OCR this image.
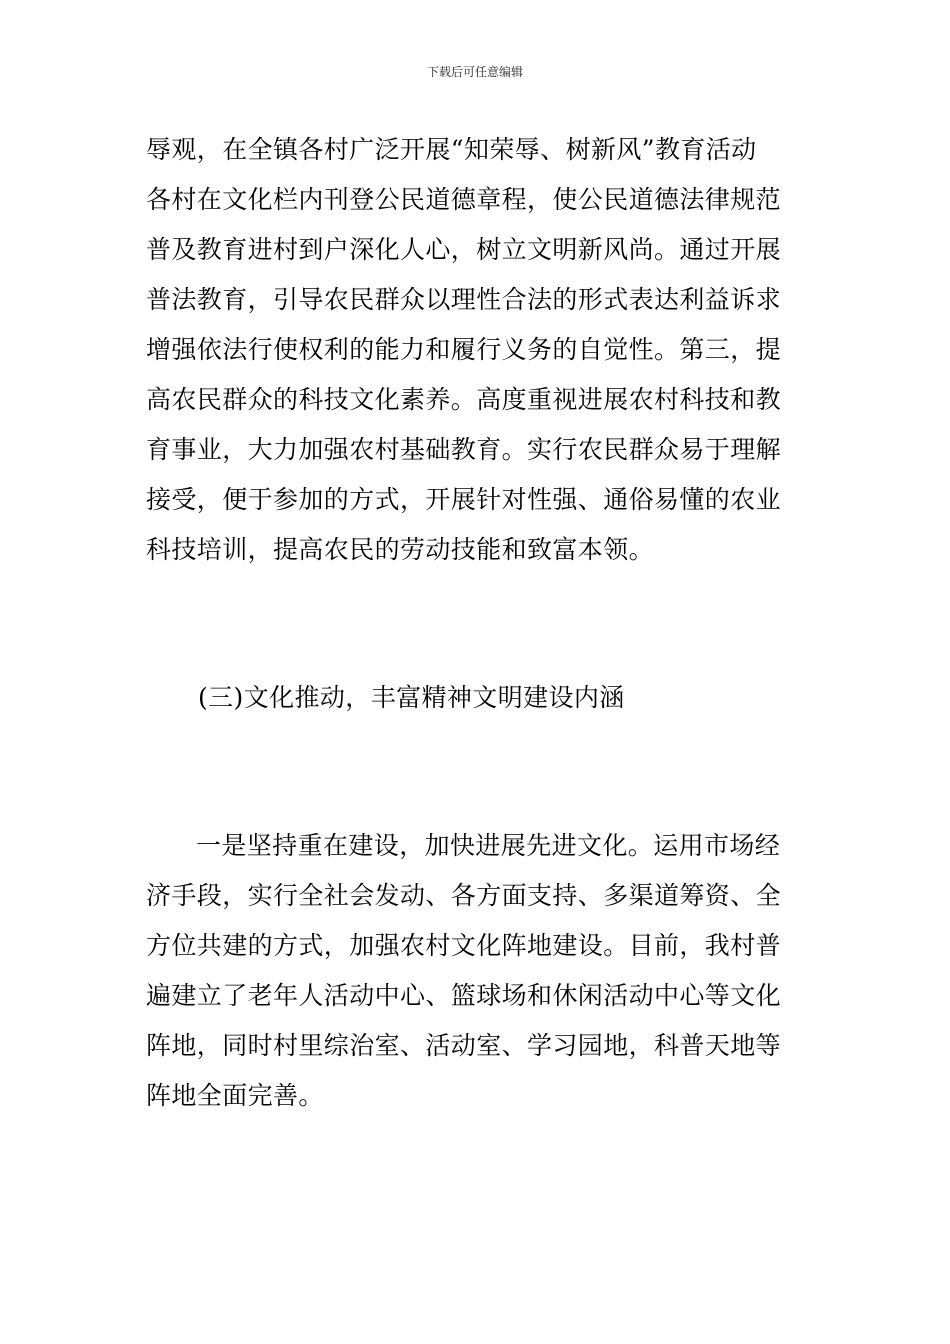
下载后可任意编辑
辱观，在全镇各村广泛开展“知荣辱、树新风”教育活动
各村在文化栏内刊登公民道德章程，使公民道德法律规范
普及教育进村到户深化人心，树立文明新风尚。通过开展
普法教育，引导农民群众以理性合法的形式表达利益诉求
增强依法行使权利的能力和履行义务的自觉性。第三，提
高农民群众的科技文化素养。高度重视进展农村科技和教
育事业，大力加强农村基础教育。实行农民群众易于理解
接受，便于参加的方式，开展针对性强、通俗易懂的农业
科技培训，提高农民的劳动技能和致富本领。
(三)文化推动，丰富精神文明建设内涵
一是坚持重在建设，加快进展先进文化。运用市场经
济手段，实行全社会发动、各方面支持、多渠道筹资、全
方位共建的方式，加强农村文化阵地建设。目前，我村普
遍建立了老年人活动中心、篮球场和休闲活动中心等文化
阵地，同时村里综治室、活动室、学习园地，科普天地等
阵地全面完善。
